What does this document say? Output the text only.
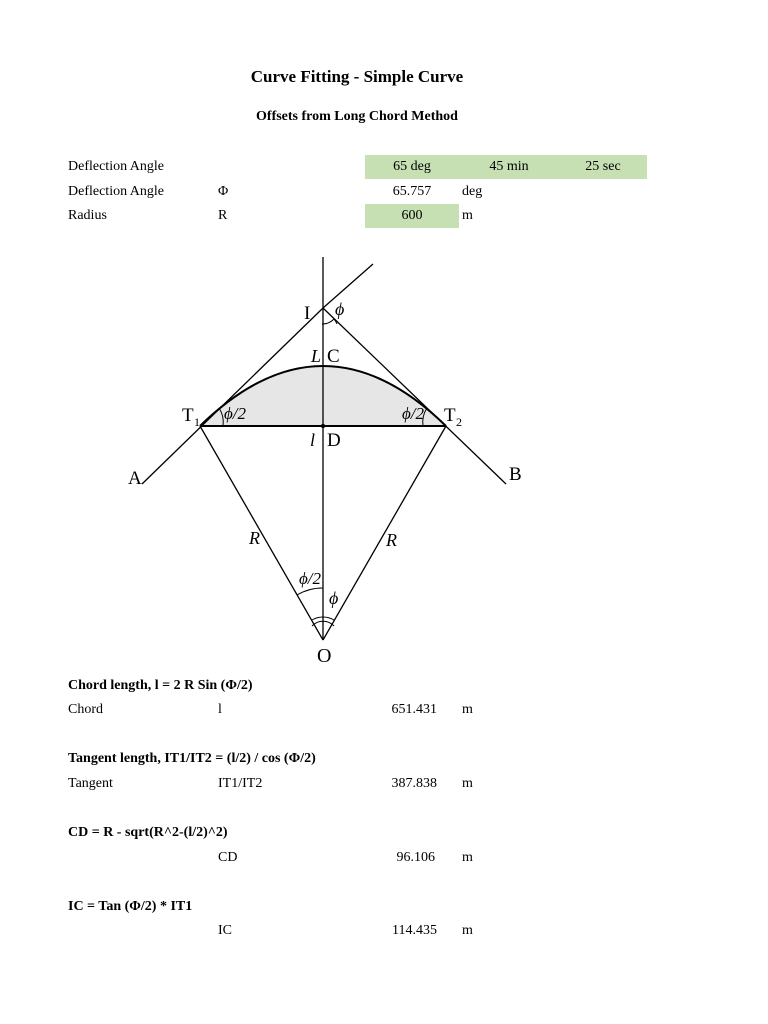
Curve Fitting - Simple Curve
Offsets from Long Chord Method
Deflection Angle	65 deg	45 min	25 sec
Deflection Angle	Φ	65.757	deg
Radius	R	600	m
I ϕ
L C
T 1	T 2
ϕ/2	ϕ/2
l D
A	B
R	R
ϕ/2
ϕ
O
Chord length, l = 2 R Sin (Φ/2)
Chord	l	651.431 m
Tangent length, IT1/IT2 = (l/2) / cos (Φ/2)
Tangent	IT1/IT2	387.838 m
CD = R - sqrt(R^2-(l/2)^2)
CD	96.106 m
IC = Tan (Φ/2) * IT1
IC	114.435 m
